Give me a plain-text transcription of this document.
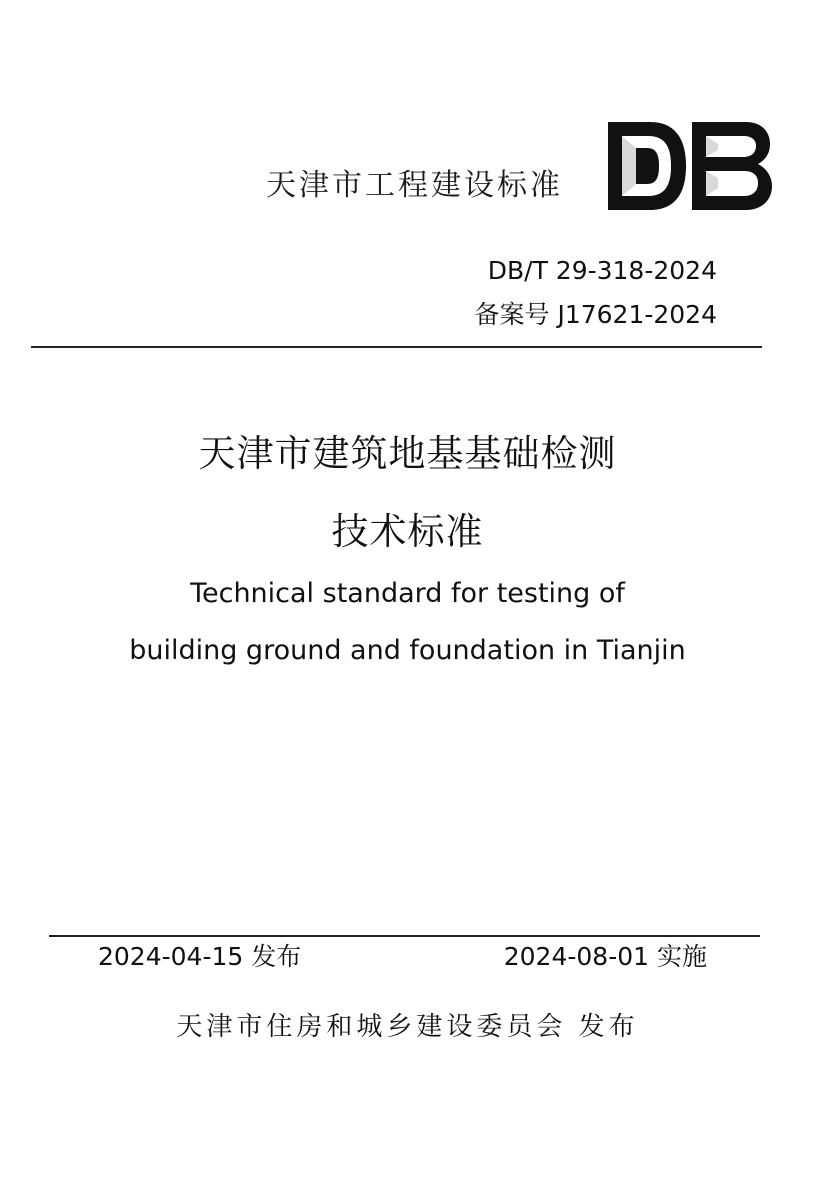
天津市工程建设标准
DB/T 29-318-2024
备案号 J17621-2024
天津市建筑地基基础检测
技术标准
Technical standard for testing of
building ground and foundation in Tianjin
2024-04-15 发布	2024-08-01 实施
天津市住房和城乡建设委员会 发布
